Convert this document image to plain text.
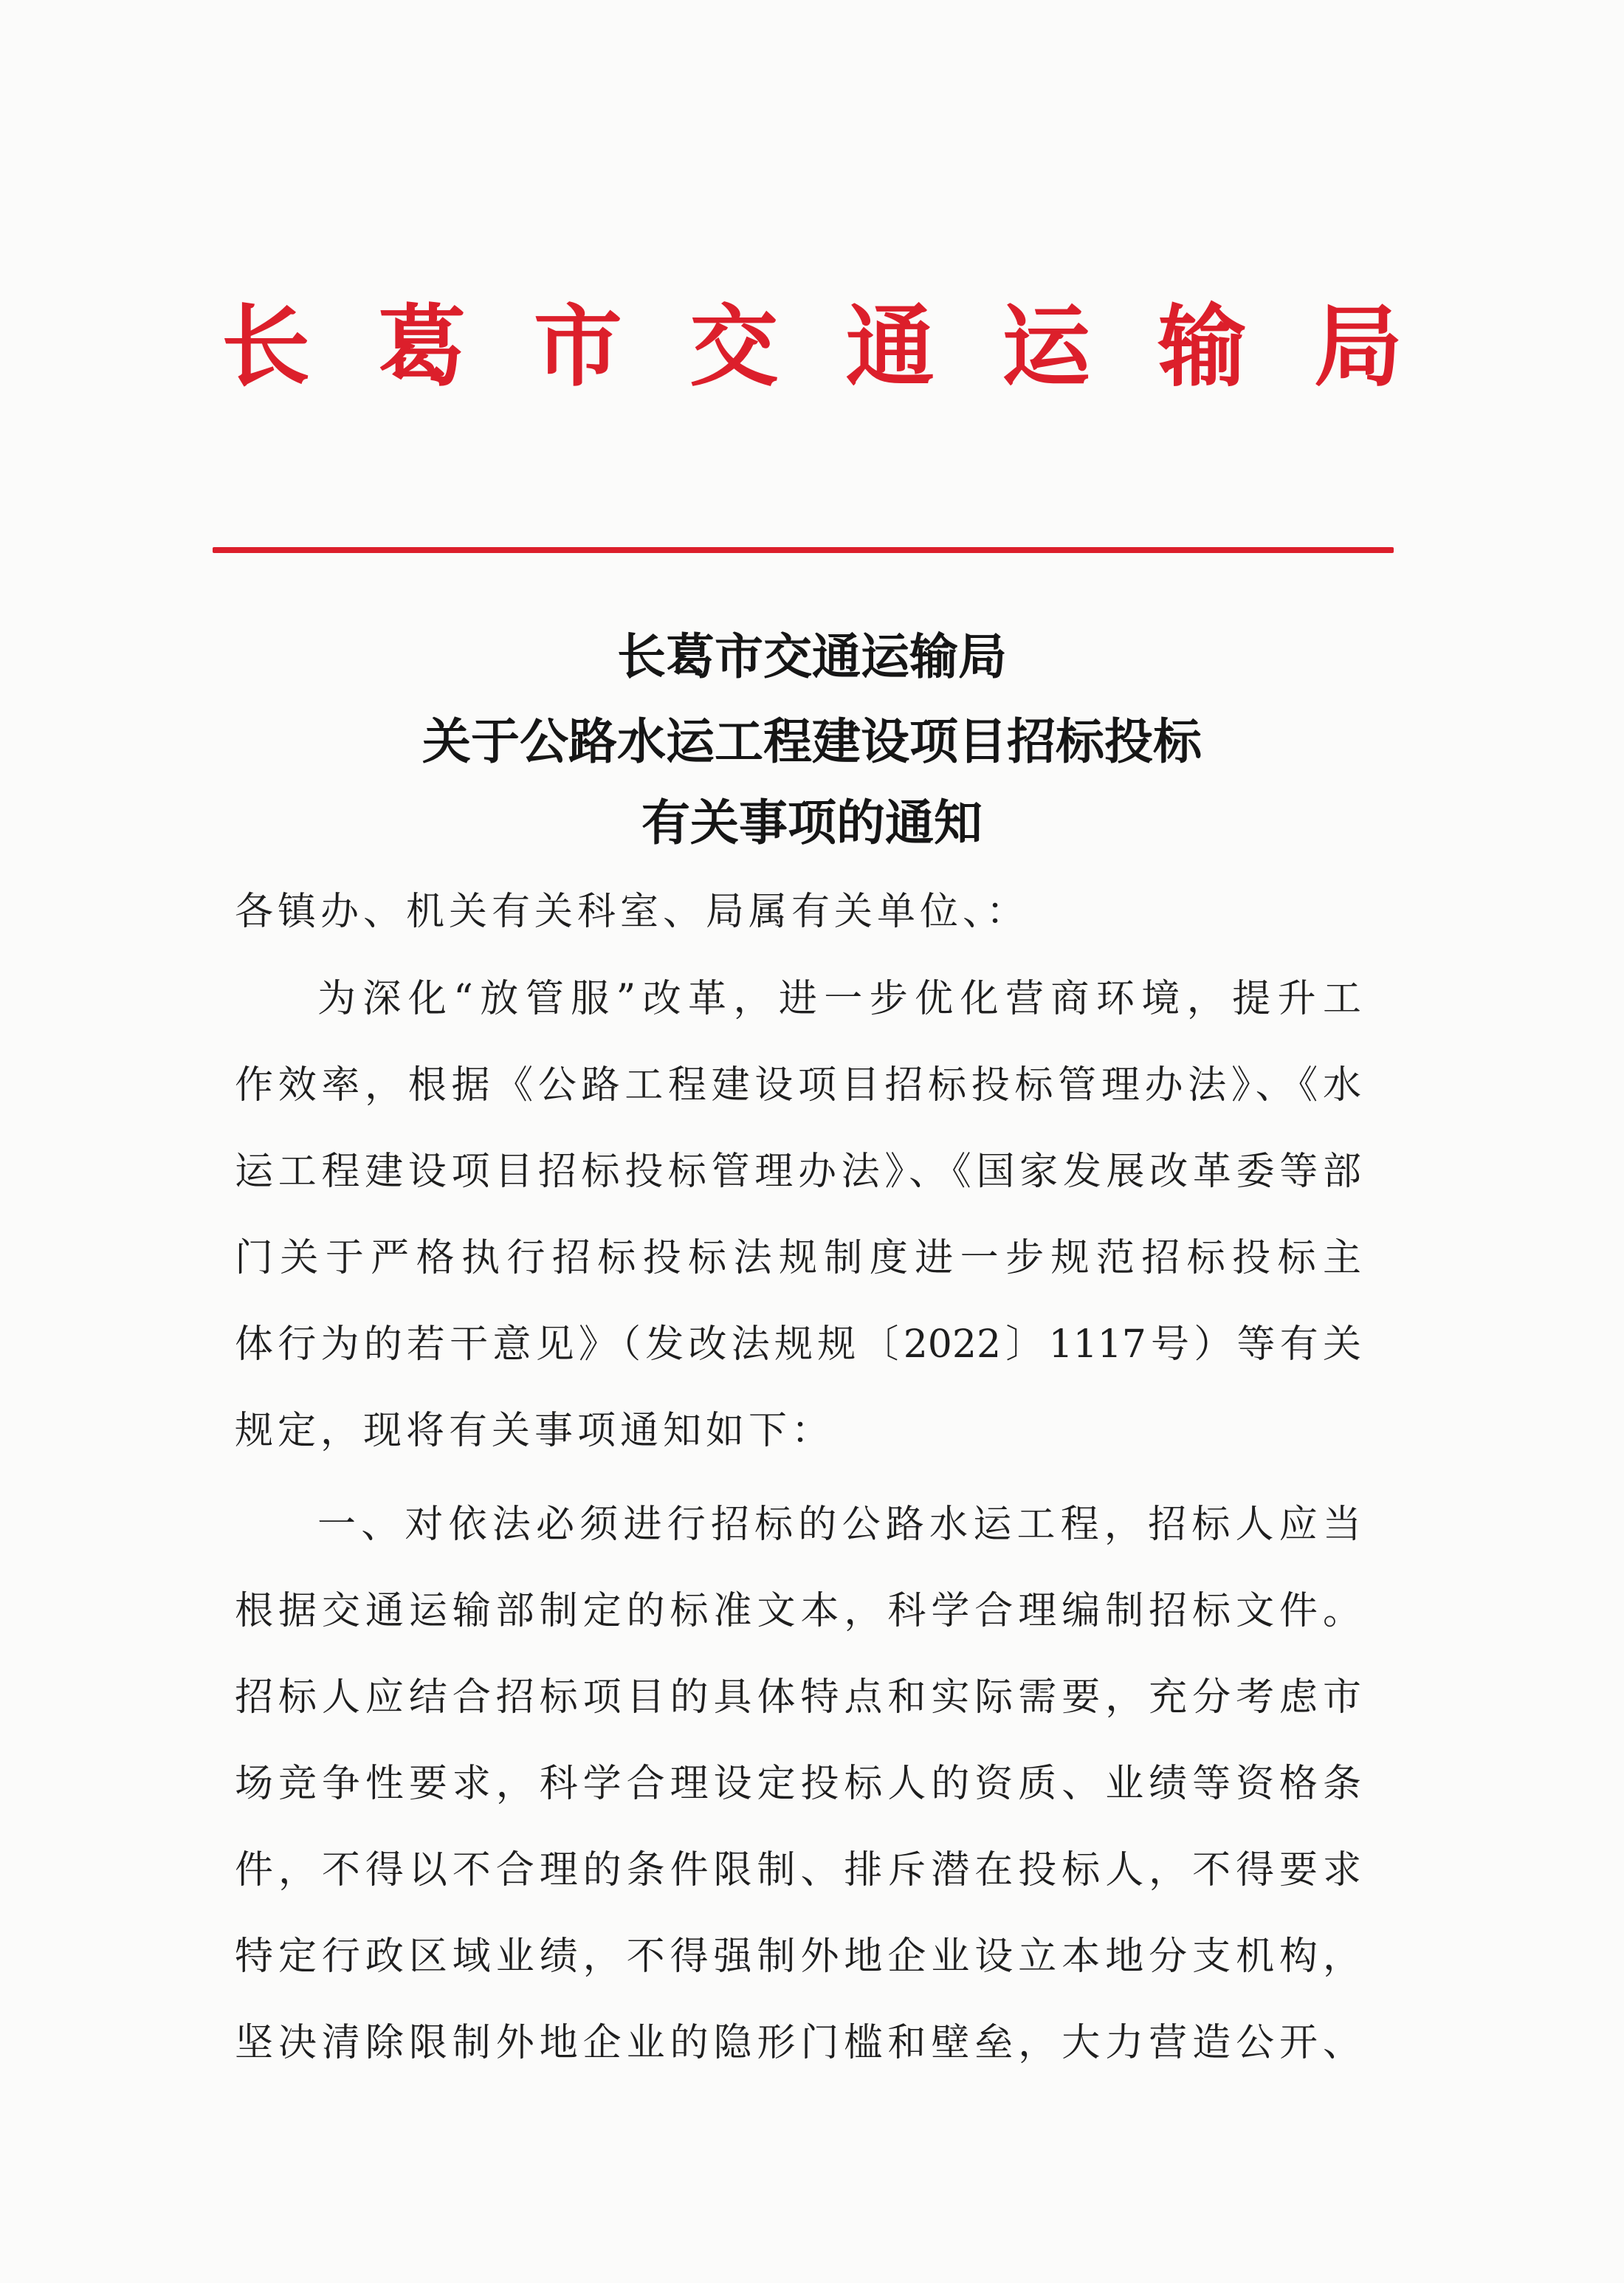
长 葛 市 交 通 运 输 局
长葛市交通运输局
关于公路水运工程建设项目招标投标
有关事项的通知
各镇办、机关有关科室、局属有关单位、：
为深化“放管服”改革，进一步优化营商环境，提升工
作效率，根据《公路工程建设项目招标投标管理办法》、《水
运工程建设项目招标投标管理办法》、《国家发展改革委等部
门关于严格执行招标投标法规制度进一步规范招标投标主
体行为的若干意见》（发改法规规〔2022〕1117号）等有关
规定，现将有关事项通知如下：
一、对依法必须进行招标的公路水运工程，招标人应当
根据交通运输部制定的标准文本，科学合理编制招标文件。
招标人应结合招标项目的具体特点和实际需要，充分考虑市
场竞争性要求，科学合理设定投标人的资质、业绩等资格条
件，不得以不合理的条件限制、排斥潜在投标人，不得要求
特定行政区域业绩，不得强制外地企业设立本地分支机构，
坚决清除限制外地企业的隐形门槛和壁垒，大力营造公开、
